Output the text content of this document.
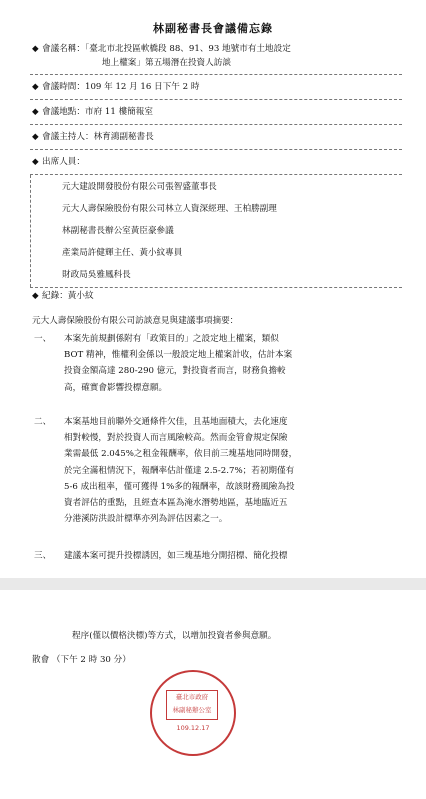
林副秘書長會議備忘錄
◆ 會議名稱：「臺北市北投區軟橋段 88、91、93 地號市有土地設定
地上權案」第五場潛在投資人訪談
◆ 會議時間：109 年 12 月 16 日下午 2 時
◆ 會議地點：市府 11 樓簡報室
◆ 會議主持人：林育鴻副秘書長
◆ 出席人員：
元大建設開發股份有限公司張智盛董事長
元大人壽保險股份有限公司林立人資深經理、王柏勝副理
林副秘書長辦公室黃臣豪參議
產業局許健輝主任、黃小紋專員
財政局吳雅鳳科長
◆ 紀錄：黃小紋
元大人壽保險股份有限公司訪談意見與建議事項摘要：
一、	本案先前規劃係附有「政策目的」之設定地上權案，類似
BOT 精神，惟權利金係以一般設定地上權案計收，估計本案
投資金額高達 280-290 億元，對投資者而言，財務負擔較
高，確實會影響投標意願。
二、	本案基地目前聯外交通條件欠佳，且基地面積大，去化速度
相對較慢，對於投資人而言風險較高。然而金管會規定保險
業需最低 2.045%之租金報酬率，依目前三塊基地同時開發，
於完全滿租情況下，報酬率估計僅達 2.5-2.7%；若初期僅有
5-6 成出租率，僅可獲得 1%多的報酬率，故該財務風險為投
資者評估的重點，且經查本區為淹水潛勢地區，基地臨近五
分港溪防洪設計標準亦列為評估因素之一。
三、	建議本案可提升投標誘因，如三塊基地分開招標、簡化投標
程序(僅以價格決標)等方式，以增加投資者參與意願。
散會 （下午 2 時 30 分）
臺北市政府
林副秘辦公室
109.12.17
